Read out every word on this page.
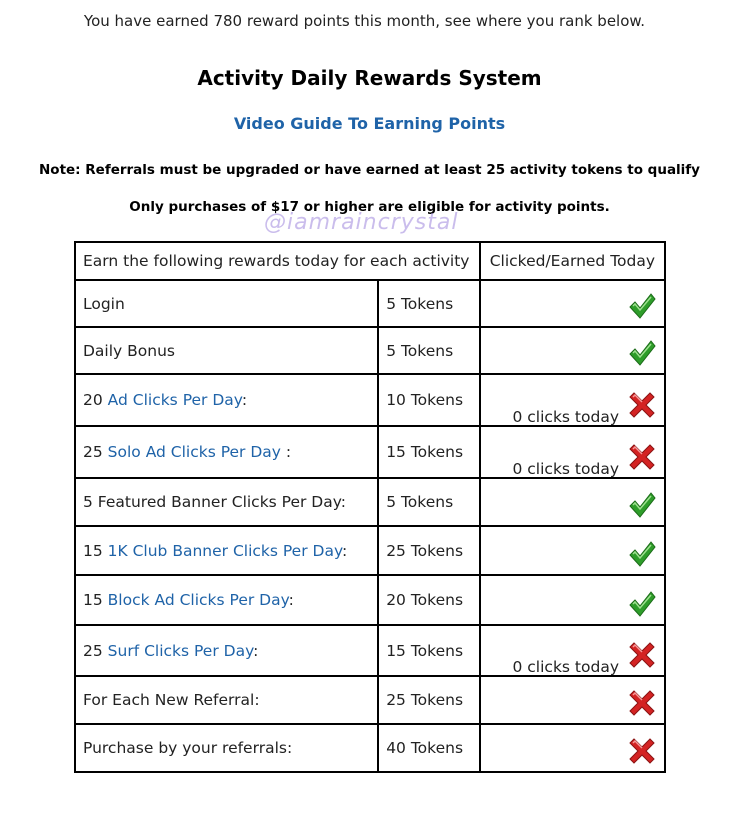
You have earned 780 reward points this month, see where you rank below.
Activity Daily Rewards System
Video Guide To Earning Points
Note: Referrals must be upgraded or have earned at least 25 activity tokens to qualify
Only purchases of $17 or higher are eligible for activity points.
@iamraincrystal
Earn the following rewards today for each activity		Clicked/Earned Today
Login	5 Tokens	

Daily Bonus	5 Tokens	

20 Ad Clicks Per Day:	10 Tokens	0 clicks today

25 Solo Ad Clicks Per Day :	15 Tokens	0 clicks today

5 Featured Banner Clicks Per Day:	5 Tokens	

15 1K Club Banner Clicks Per Day:	25 Tokens	

15 Block Ad Clicks Per Day:	20 Tokens	

25 Surf Clicks Per Day:	15 Tokens	0 clicks today

For Each New Referral:	25 Tokens	

Purchase by your referrals:	40 Tokens	
